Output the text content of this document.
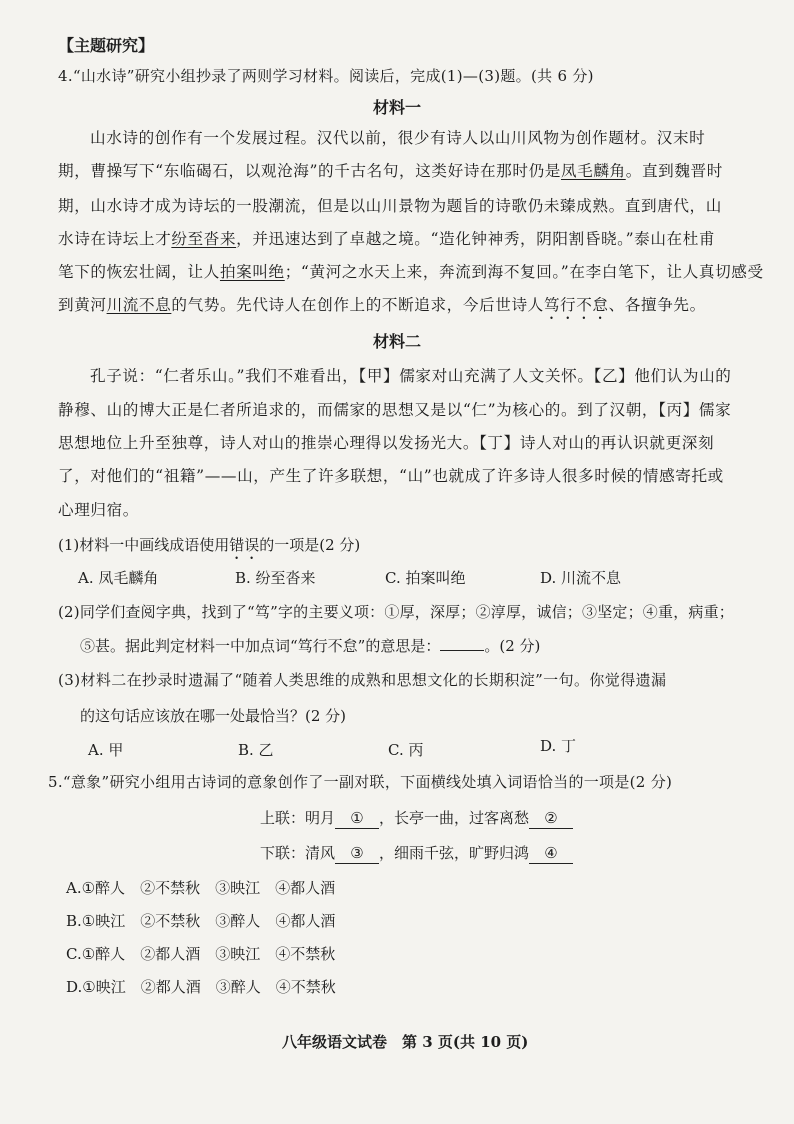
【主题研究】
4.“山水诗”研究小组抄录了两则学习材料。阅读后，完成(1)—(3)题。(共 6 分)
材料一
山水诗的创作有一个发展过程。汉代以前，很少有诗人以山川风物为创作题材。汉末时
期，曹操写下“东临碣石，以观沧海”的千古名句，这类好诗在那时仍是凤毛麟角。直到魏晋时
期，山水诗才成为诗坛的一股潮流，但是以山川景物为题旨的诗歌仍未臻成熟。直到唐代，山
水诗在诗坛上才纷至沓来，并迅速达到了卓越之境。“造化钟神秀，阴阳割昏晓。”泰山在杜甫
笔下的恢宏壮阔，让人拍案叫绝；“黄河之水天上来，奔流到海不复回。”在李白笔下，让人真切感受
到黄河川流不息的气势。先代诗人在创作上的不断追求，今后世诗人笃行不怠、各擅争先。
材料二
孔子说：“仁者乐山。”我们不难看出，【甲】儒家对山充满了人文关怀。【乙】他们认为山的
静穆、山的博大正是仁者所追求的，而儒家的思想又是以“仁”为核心的。到了汉朝，【丙】儒家
思想地位上升至独尊，诗人对山的推崇心理得以发扬光大。【丁】诗人对山的再认识就更深刻
了，对他们的“祖籍”——山，产生了许多联想，“山”也就成了许多诗人很多时候的情感寄托或
心理归宿。
(1)材料一中画线成语使用错误的一项是(2 分)
A. 凤毛麟角	B. 纷至沓来	C. 拍案叫绝	D. 川流不息
(2)同学们查阅字典，找到了“笃”字的主要义项：①厚，深厚；②淳厚，诚信；③坚定；④重，病重；
⑤甚。据此判定材料一中加点词“笃行不怠”的意思是：	。(2 分)
(3)材料二在抄录时遗漏了“随着人类思维的成熟和思想文化的长期积淀”一句。你觉得遗漏
的这句话应该放在哪一处最恰当？(2 分)
A. 甲	B. 乙	C. 丙	D. 丁
5.“意象”研究小组用古诗词的意象创作了一副对联，下面横线处填入词语恰当的一项是(2 分)
上联：明月 ① ，长亭一曲，过客离愁 ②
下联：清风 ③ ，细雨千弦，旷野归鸿 ④
A.①醉人　 ②不禁秋　 ③映江　 ④都人酒
B.①映江　 ②不禁秋　 ③醉人　 ④都人酒
C.①醉人　 ②都人酒　 ③映江　 ④不禁秋
D.①映江　 ②都人酒　 ③醉人　 ④不禁秋
八年级语文试卷　第 3 页(共 10 页)
